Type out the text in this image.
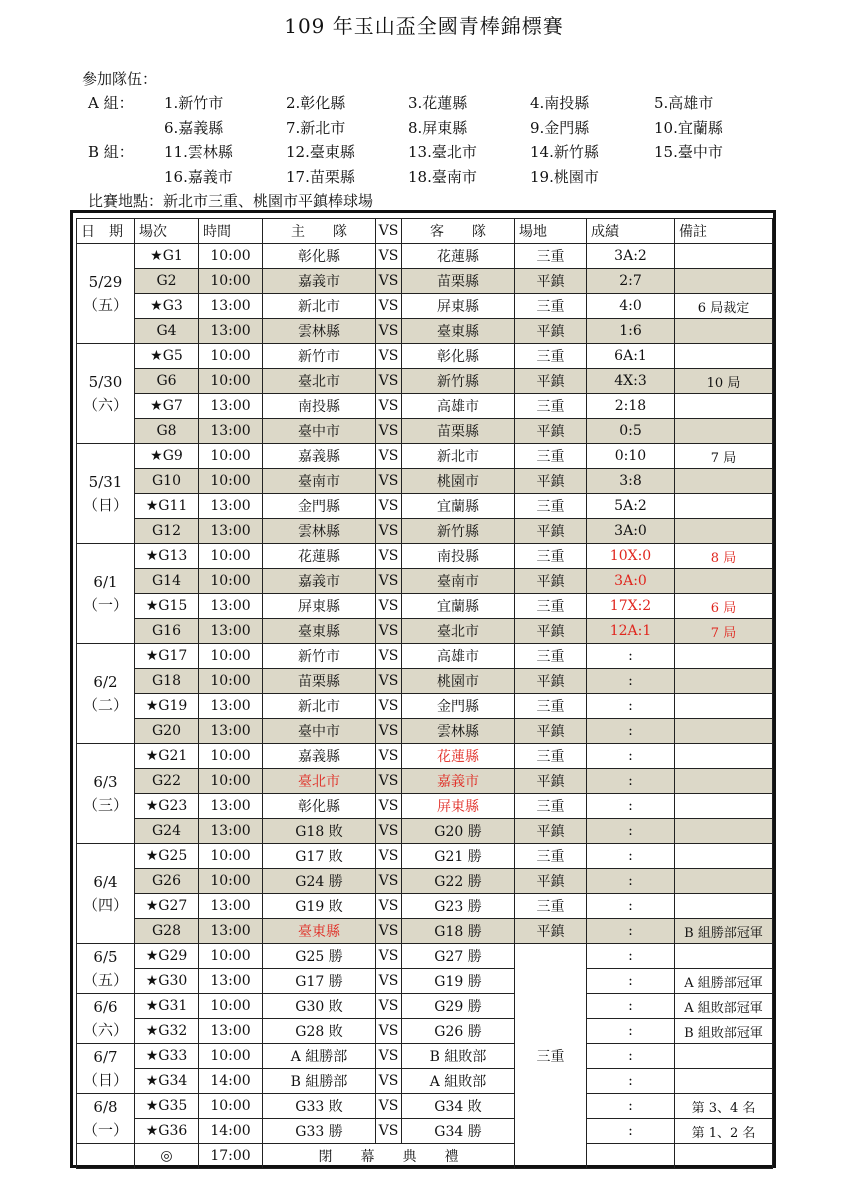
109 年玉山盃全國青棒錦標賽
參加隊伍：
A 組：	1.新竹市	2.彰化縣	3.花蓮縣	4.南投縣	5.高雄市
6.嘉義縣	7.新北市	8.屏東縣	9.金門縣	10.宜蘭縣
B 組：	11.雲林縣	12.臺東縣	13.臺北市	14.新竹縣	15.臺中市
16.嘉義市	17.苗栗縣	18.臺南市	19.桃園市
比賽地點：新北市三重、桃園市平鎮棒球場
日　期	場次	時間	主　　隊	VS	客　　隊	場地	成績	備註

5/29
（五）	★G1	10:00	彰化縣	VS	花蓮縣	三重	3A:2	
	G2	10:00	嘉義市	VS	苗栗縣	平鎮	2:7	
	★G3	13:00	新北市	VS	屏東縣	三重	4:0	6 局裁定
	G4	13:00	雲林縣	VS	臺東縣	平鎮	1:6	

5/30
（六）	★G5	10:00	新竹市	VS	彰化縣	三重	6A:1	
	G6	10:00	臺北市	VS	新竹縣	平鎮	4X:3	10 局
	★G7	13:00	南投縣	VS	高雄市	三重	2:18	
	G8	13:00	臺中市	VS	苗栗縣	平鎮	0:5	

5/31
（日）	★G9	10:00	嘉義縣	VS	新北市	三重	0:10	7 局
	G10	10:00	臺南市	VS	桃園市	平鎮	3:8	
	★G11	13:00	金門縣	VS	宜蘭縣	三重	5A:2	
	G12	13:00	雲林縣	VS	新竹縣	平鎮	3A:0	

6/1
（一）	★G13	10:00	花蓮縣	VS	南投縣	三重	10X:0	8 局
	G14	10:00	嘉義市	VS	臺南市	平鎮	3A:0	
	★G15	13:00	屏東縣	VS	宜蘭縣	三重	17X:2	6 局
	G16	13:00	臺東縣	VS	臺北市	平鎮	12A:1	7 局

6/2
（二）	★G17	10:00	新竹市	VS	高雄市	三重	:	
	G18	10:00	苗栗縣	VS	桃園市	平鎮	:	
	★G19	13:00	新北市	VS	金門縣	三重	:	
	G20	13:00	臺中市	VS	雲林縣	平鎮	:	

6/3
（三）	★G21	10:00	嘉義縣	VS	花蓮縣	三重	:	
	G22	10:00	臺北市	VS	嘉義市	平鎮	:	
	★G23	13:00	彰化縣	VS	屏東縣	三重	:	
	G24	13:00	G18 敗	VS	G20 勝	平鎮	:	

6/4
（四）	★G25	10:00	G17 敗	VS	G21 勝	三重	:	
	G26	10:00	G24 勝	VS	G22 勝	平鎮	:	
	★G27	13:00	G19 敗	VS	G23 勝	三重	:	
	G28	13:00	臺東縣	VS	G18 勝	平鎮	:	B 組勝部冠軍

6/5
（五）	★G29	10:00	G25 勝	VS	G27 勝	三重	:	
	★G30	13:00	G17 勝	VS	G19 勝		:	A 組勝部冠軍

6/6
（六）	★G31	10:00	G30 敗	VS	G29 勝		:	A 組敗部冠軍
	★G32	13:00	G28 敗	VS	G26 勝		:	B 組敗部冠軍

6/7
（日）	★G33	10:00	A 組勝部	VS	B 組敗部		:	
	★G34	14:00	B 組勝部	VS	A 組敗部		:	

6/8
（一）	★G35	10:00	G33 敗	VS	G34 敗		:	第 3、4 名
	★G36	14:00	G33 勝	VS	G34 勝		:	第 1、2 名
	◎	17:00	閉　　幕　　典　　禮					
